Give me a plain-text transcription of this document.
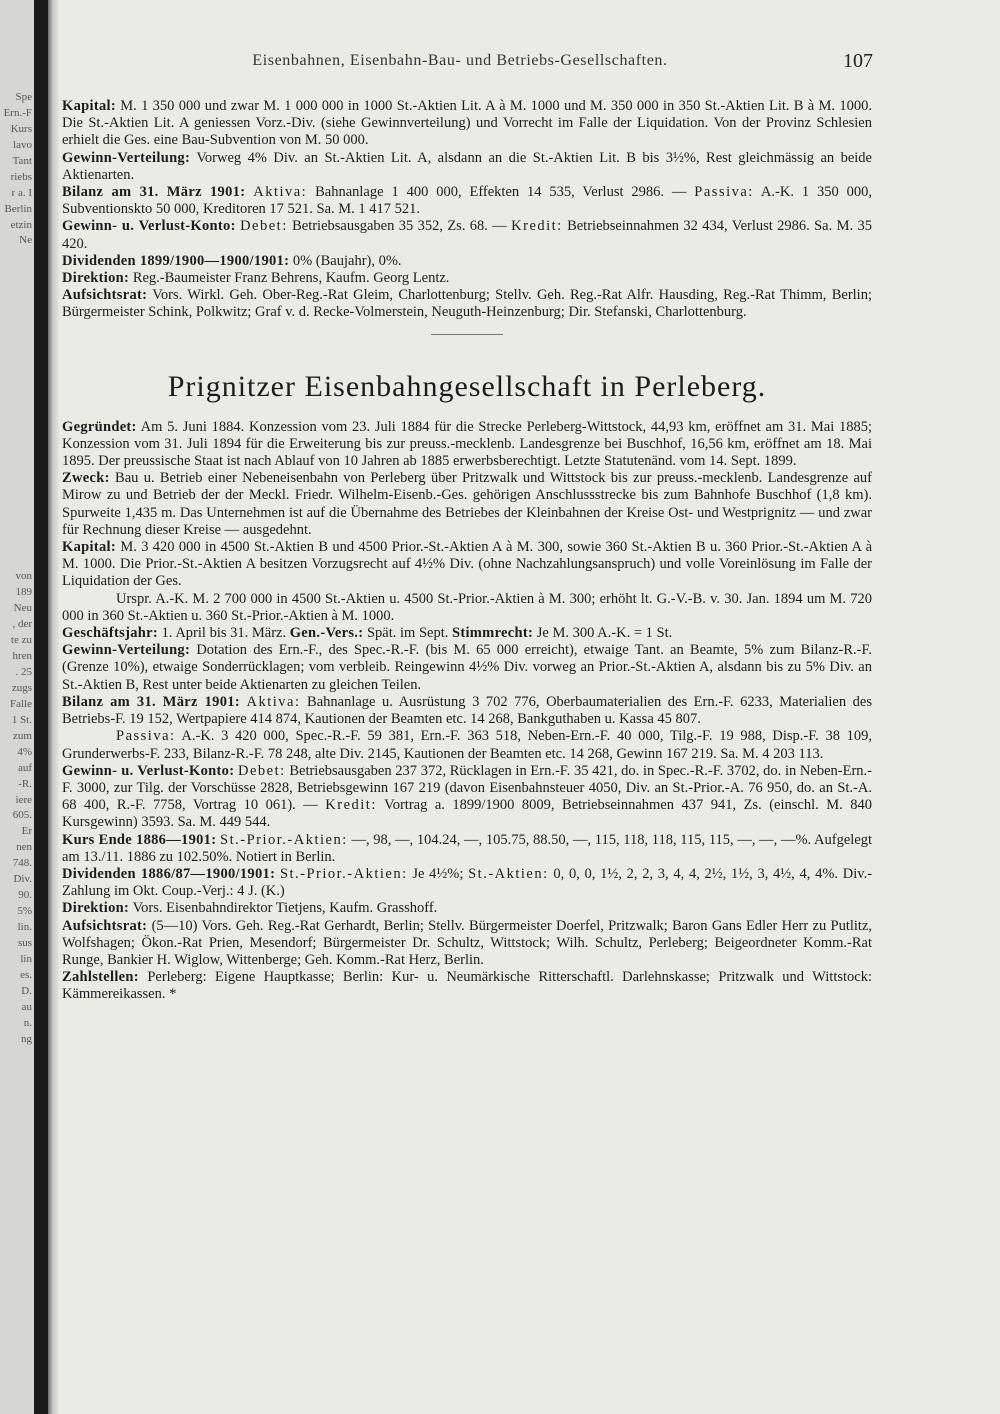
Spe
Ern.-F
Kurs
lavo
Tant
riebs
r a. I
Berlin
etzin
Ne
von
189
Neu
, der
te zu
hren
. 25
zugs
Falle
1 St.
zum
4%
auf
-R.
iere
605.
Er
nen
748.
Div.
90.
5%
lin.
sus
lin
es.
D.
au
n.
ng
Eisenbahnen, Eisenbahn-Bau- und Betriebs-Gesellschaften.	107

Kapital: M. 1 350 000 und zwar M. 1 000 000 in 1000 St.-Aktien Lit. A à M. 1000 und M. 350 000 in 350 St.-Aktien Lit. B à M. 1000. Die St.-Aktien Lit. A geniessen Vorz.-Div. (siehe Gewinnverteilung) und Vorrecht im Falle der Liquidation. Von der Provinz Schlesien erhielt die Ges. eine Bau-Subvention von M. 50 000.

Gewinn-Verteilung: Vorweg 4% Div. an St.-Aktien Lit. A, alsdann an die St.-Aktien Lit. B bis 3½%, Rest gleichmässig an beide Aktienarten.

Bilanz am 31. März 1901: Aktiva: Bahnanlage 1 400 000, Effekten 14 535, Verlust 2986. — Passiva: A.-K. 1 350 000, Subventionskto 50 000, Kreditoren 17 521. Sa. M. 1 417 521.

Gewinn- u. Verlust-Konto: Debet: Betriebsausgaben 35 352, Zs. 68. — Kredit: Betriebseinnahmen 32 434, Verlust 2986. Sa. M. 35 420.

Dividenden 1899/1900—1900/1901: 0% (Baujahr), 0%.

Direktion: Reg.-Baumeister Franz Behrens, Kaufm. Georg Lentz.

Aufsichtsrat: Vors. Wirkl. Geh. Ober-Reg.-Rat Gleim, Charlottenburg; Stellv. Geh. Reg.-Rat Alfr. Hausding, Reg.-Rat Thimm, Berlin; Bürgermeister Schink, Polkwitz; Graf v. d. Recke-Volmerstein, Neuguth-Heinzenburg; Dir. Stefanski, Charlottenburg.

Prignitzer Eisenbahngesellschaft in Perleberg.

Gegründet: Am 5. Juni 1884. Konzession vom 23. Juli 1884 für die Strecke Perleberg-Wittstock, 44,93 km, eröffnet am 31. Mai 1885; Konzession vom 31. Juli 1894 für die Erweiterung bis zur preuss.-mecklenb. Landesgrenze bei Buschhof, 16,56 km, eröffnet am 18. Mai 1895. Der preussische Staat ist nach Ablauf von 10 Jahren ab 1885 erwerbsberechtigt. Letzte Statutenänd. vom 14. Sept. 1899.

Zweck: Bau u. Betrieb einer Nebeneisenbahn von Perleberg über Pritzwalk und Wittstock bis zur preuss.-mecklenb. Landesgrenze auf Mirow zu und Betrieb der der Meckl. Friedr. Wilhelm-Eisenb.-Ges. gehörigen Anschlussstrecke bis zum Bahnhofe Buschhof (1,8 km). Spurweite 1,435 m. Das Unternehmen ist auf die Übernahme des Betriebes der Kleinbahnen der Kreise Ost- und Westprignitz — und zwar für Rechnung dieser Kreise — ausgedehnt.

Kapital: M. 3 420 000 in 4500 St.-Aktien B und 4500 Prior.-St.-Aktien A à M. 300, sowie 360 St.-Aktien B u. 360 Prior.-St.-Aktien A à M. 1000. Die Prior.-St.-Aktien A besitzen Vorzugsrecht auf 4½% Div. (ohne Nachzahlungsanspruch) und volle Voreinlösung im Falle der Liquidation der Ges.

Urspr. A.-K. M. 2 700 000 in 4500 St.-Aktien u. 4500 St.-Prior.-Aktien à M. 300; erhöht lt. G.-V.-B. v. 30. Jan. 1894 um M. 720 000 in 360 St.-Aktien u. 360 St.-Prior.-Aktien à M. 1000.

Geschäftsjahr: 1. April bis 31. März. Gen.-Vers.: Spät. im Sept. Stimmrecht: Je M. 300 A.-K. = 1 St.

Gewinn-Verteilung: Dotation des Ern.-F., des Spec.-R.-F. (bis M. 65 000 erreicht), etwaige Tant. an Beamte, 5% zum Bilanz-R.-F. (Grenze 10%), etwaige Sonderrücklagen; vom verbleib. Reingewinn 4½% Div. vorweg an Prior.-St.-Aktien A, alsdann bis zu 5% Div. an St.-Aktien B, Rest unter beide Aktienarten zu gleichen Teilen.

Bilanz am 31. März 1901: Aktiva: Bahnanlage u. Ausrüstung 3 702 776, Oberbaumaterialien des Ern.-F. 6233, Materialien des Betriebs-F. 19 152, Wertpapiere 414 874, Kautionen der Beamten etc. 14 268, Bankguthaben u. Kassa 45 807.

Passiva: A.-K. 3 420 000, Spec.-R.-F. 59 381, Ern.-F. 363 518, Neben-Ern.-F. 40 000, Tilg.-F. 19 988, Disp.-F. 38 109, Grunderwerbs-F. 233, Bilanz-R.-F. 78 248, alte Div. 2145, Kautionen der Beamten etc. 14 268, Gewinn 167 219. Sa. M. 4 203 113.

Gewinn- u. Verlust-Konto: Debet: Betriebsausgaben 237 372, Rücklagen in Ern.-F. 35 421, do. in Spec.-R.-F. 3702, do. in Neben-Ern.-F. 3000, zur Tilg. der Vorschüsse 2828, Betriebsgewinn 167 219 (davon Eisenbahnsteuer 4050, Div. an St.-Prior.-A. 76 950, do. an St.-A. 68 400, R.-F. 7758, Vortrag 10 061). — Kredit: Vortrag a. 1899/1900 8009, Betriebseinnahmen 437 941, Zs. (einschl. M. 840 Kursgewinn) 3593. Sa. M. 449 544.

Kurs Ende 1886—1901: St.-Prior.-Aktien: —, 98, —, 104.24, —, 105.75, 88.50, —, 115, 118, 118, 115, 115, —, —, —%. Aufgelegt am 13./11. 1886 zu 102.50%. Notiert in Berlin.

Dividenden 1886/87—1900/1901: St.-Prior.-Aktien: Je 4½%; St.-Aktien: 0, 0, 0, 1½, 2, 2, 3, 4, 4, 2½, 1½, 3, 4½, 4, 4%. Div.-Zahlung im Okt. Coup.-Verj.: 4 J. (K.)

Direktion: Vors. Eisenbahndirektor Tietjens, Kaufm. Grasshoff.

Aufsichtsrat: (5—10) Vors. Geh. Reg.-Rat Gerhardt, Berlin; Stellv. Bürgermeister Doerfel, Pritzwalk; Baron Gans Edler Herr zu Putlitz, Wolfshagen; Ökon.-Rat Prien, Mesendorf; Bürgermeister Dr. Schultz, Wittstock; Wilh. Schultz, Perleberg; Beigeordneter Komm.-Rat Runge, Bankier H. Wiglow, Wittenberge; Geh. Komm.-Rat Herz, Berlin.

Zahlstellen: Perleberg: Eigene Hauptkasse; Berlin: Kur- u. Neumärkische Ritterschaftl. Darlehnskasse; Pritzwalk und Wittstock: Kämmereikassen. *
